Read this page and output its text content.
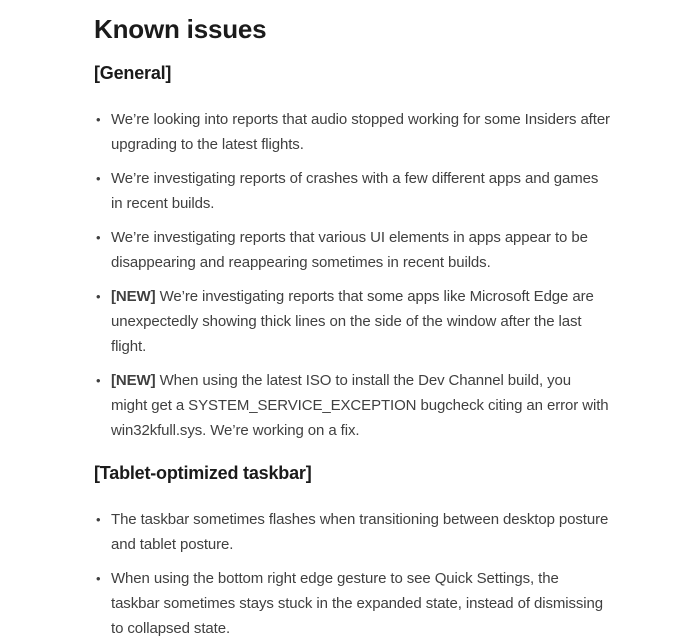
Known issues
[General]
• We’re looking into reports that audio stopped working for some Insiders after upgrading to the latest flights.
• We’re investigating reports of crashes with a few different apps and games in recent builds.
• We’re investigating reports that various UI elements in apps appear to be disappearing and reappearing sometimes in recent builds.
• [NEW] We’re investigating reports that some apps like Microsoft Edge are unexpectedly showing thick lines on the side of the window after the last flight.
• [NEW] When using the latest ISO to install the Dev Channel build, you might get a SYSTEM_SERVICE_EXCEPTION bugcheck citing an error with win32kfull.sys. We’re working on a fix.
[Tablet-optimized taskbar]
• The taskbar sometimes flashes when transitioning between desktop posture and tablet posture.
• When using the bottom right edge gesture to see Quick Settings, the taskbar sometimes stays stuck in the expanded state, instead of dismissing to collapsed state.
